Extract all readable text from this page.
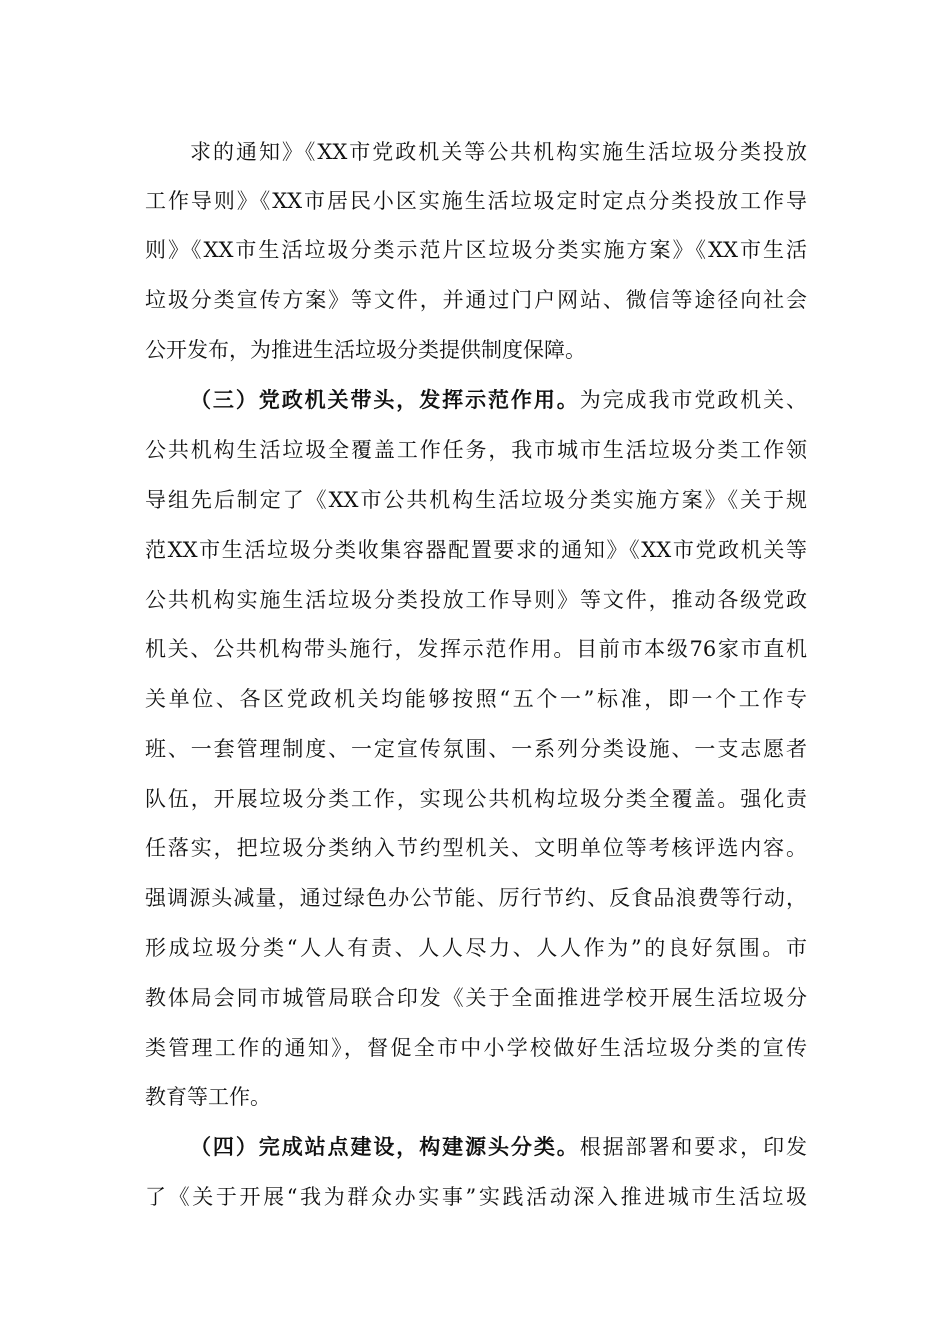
求的通知》《XX市党政机关等公共机构实施生活垃圾分类投放
工作导则》《XX市居民小区实施生活垃圾定时定点分类投放工作导
则》《XX市生活垃圾分类示范片区垃圾分类实施方案》《XX市生活
垃圾分类宣传方案》等文件，并通过门户网站、微信等途径向社会
公开发布，为推进生活垃圾分类提供制度保障。
（三）党政机关带头，发挥示范作用。为完成我市党政机关、
公共机构生活垃圾全覆盖工作任务，我市城市生活垃圾分类工作领
导组先后制定了《XX市公共机构生活垃圾分类实施方案》《关于规
范XX市生活垃圾分类收集容器配置要求的通知》《XX市党政机关等
公共机构实施生活垃圾分类投放工作导则》等文件，推动各级党政
机关、公共机构带头施行，发挥示范作用。目前市本级76家市直机
关单位、各区党政机关均能够按照“五个一”标准，即一个工作专
班、一套管理制度、一定宣传氛围、一系列分类设施、一支志愿者
队伍，开展垃圾分类工作，实现公共机构垃圾分类全覆盖。强化责
任落实，把垃圾分类纳入节约型机关、文明单位等考核评选内容。
强调源头减量，通过绿色办公节能、厉行节约、反食品浪费等行动，
形成垃圾分类“人人有责、人人尽力、人人作为”的良好氛围。市
教体局会同市城管局联合印发《关于全面推进学校开展生活垃圾分
类管理工作的通知》，督促全市中小学校做好生活垃圾分类的宣传
教育等工作。
（四）完成站点建设，构建源头分类。根据部署和要求，印发
了《关于开展“我为群众办实事”实践活动深入推进城市生活垃圾
